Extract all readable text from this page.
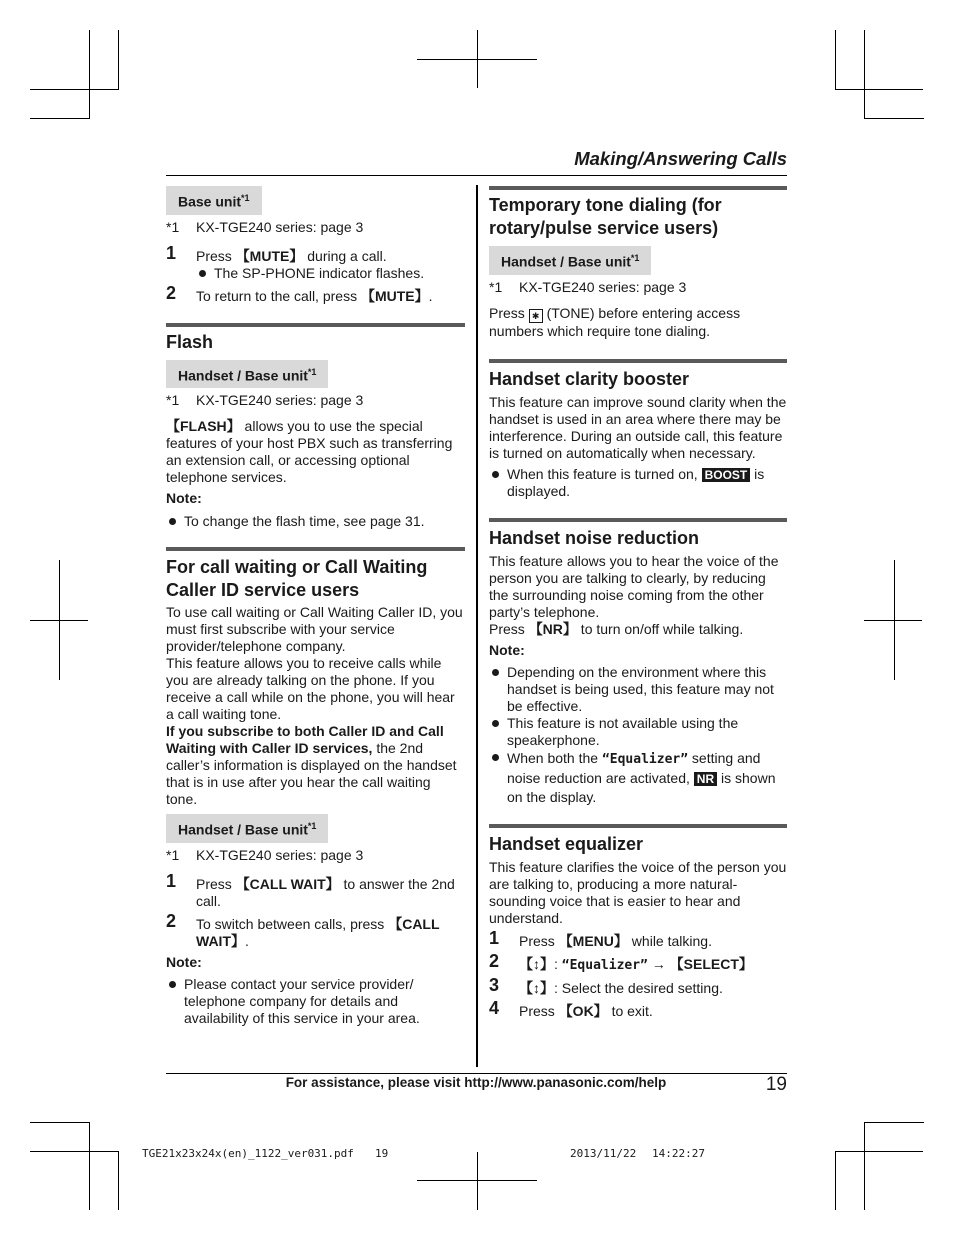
Making/Answering Calls
Base unit$^{*1}$
*1 KX-TGE240 series: page 3
1 Press 【MUTE】 during a call.
The SP-PHONE indicator flashes.
2 To return to the call, press 【MUTE】.
Flash
Handset / Base unit$^{*1}$
*1 KX-TGE240 series: page 3
【FLASH】 allows you to use the special features of your host PBX such as transferring an extension call, or accessing optional telephone services.
Note:
To change the flash time, see page 31.
For call waiting or Call Waiting Caller ID service users
To use call waiting or Call Waiting Caller ID, you must first subscribe with your service provider/telephone company.
This feature allows you to receive calls while you are already talking on the phone. If you receive a call while on the phone, you will hear a call waiting tone.
If you subscribe to both Caller ID and Call Waiting with Caller ID services, the 2nd caller’s information is displayed on the handset that is in use after you hear the call waiting tone.
Handset / Base unit$^{*1}$
*1 KX-TGE240 series: page 3
1 Press 【CALL WAIT】 to answer the 2nd call.
2 To switch between calls, press 【CALL WAIT】.
Note:
Please contact your service provider/ telephone company for details and availability of this service in your area.
Temporary tone dialing (for rotary/pulse service users)
Handset / Base unit$^{*1}$
*1 KX-TGE240 series: page 3
Press ✱ (TONE) before entering access numbers which require tone dialing.
Handset clarity booster
This feature can improve sound clarity when the handset is used in an area where there may be interference. During an outside call, this feature is turned on automatically when necessary.
When this feature is turned on, BOOST is displayed.
Handset noise reduction
This feature allows you to hear the voice of the person you are talking to clearly, by reducing the surrounding noise coming from the other party’s telephone.
Press 【NR】 to turn on/off while talking.
Note:
Depending on the environment where this handset is being used, this feature may not be effective.
This feature is not available using the speakerphone.
When both the “Equalizer” setting and noise reduction are activated, NR is shown on the display.
Handset equalizer
This feature clarifies the voice of the person you are talking to, producing a more natural-sounding voice that is easier to hear and understand.
1 Press 【MENU】 while talking.
2 【↕】: “Equalizer” → 【SELECT】
3 【↕】: Select the desired setting.
4 Press 【OK】 to exit.
For assistance, please visit http://www.panasonic.com/help	19
TGE21x23x24x(en)_1122_ver031.pdf 19	2013/11/22 14:22:27
